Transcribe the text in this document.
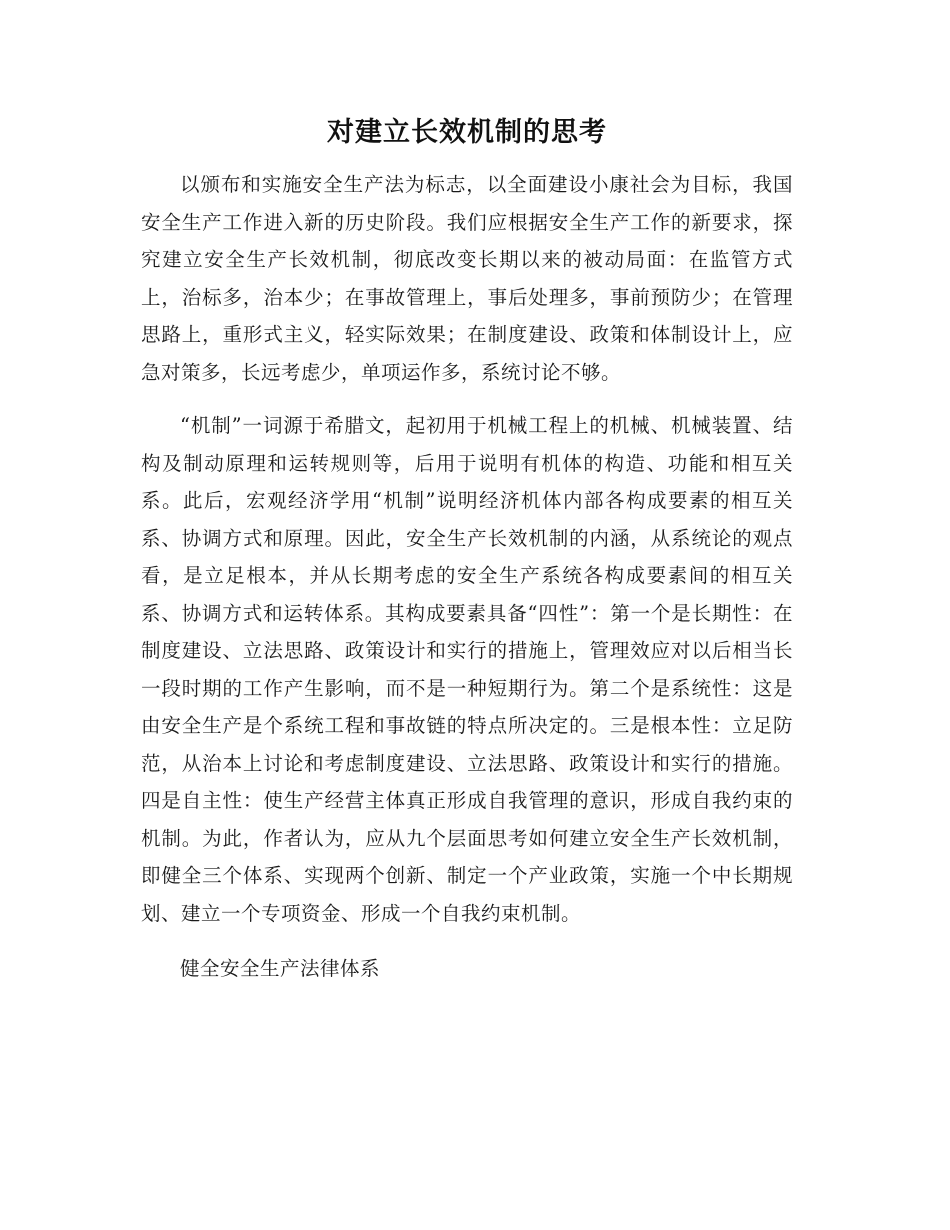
对建立长效机制的思考

以颁布和实施安全生产法为标志，以全面建设小康社会为目标，我国安全生产工作进入新的历史阶段。我们应根据安全生产工作的新要求，探究建立安全生产长效机制，彻底改变长期以来的被动局面：在监管方式上，治标多，治本少；在事故管理上，事后处理多，事前预防少；在管理思路上，重形式主义，轻实际效果；在制度建设、政策和体制设计上，应急对策多，长远考虑少，单项运作多，系统讨论不够。

“机制”一词源于希腊文，起初用于机械工程上的机械、机械装置、结构及制动原理和运转规则等，后用于说明有机体的构造、功能和相互关系。此后，宏观经济学用“机制”说明经济机体内部各构成要素的相互关系、协调方式和原理。因此，安全生产长效机制的内涵，从系统论的观点看，是立足根本，并从长期考虑的安全生产系统各构成要素间的相互关系、协调方式和运转体系。其构成要素具备“四性”：第一个是长期性：在制度建设、立法思路、政策设计和实行的措施上，管理效应对以后相当长一段时期的工作产生影响，而不是一种短期行为。第二个是系统性：这是由安全生产是个系统工程和事故链的特点所决定的。三是根本性：立足防范，从治本上讨论和考虑制度建设、立法思路、政策设计和实行的措施。四是自主性：使生产经营主体真正形成自我管理的意识，形成自我约束的机制。为此，作者认为，应从九个层面思考如何建立安全生产长效机制，即健全三个体系、实现两个创新、制定一个产业政策，实施一个中长期规划、建立一个专项资金、形成一个自我约束机制。

健全安全生产法律体系
